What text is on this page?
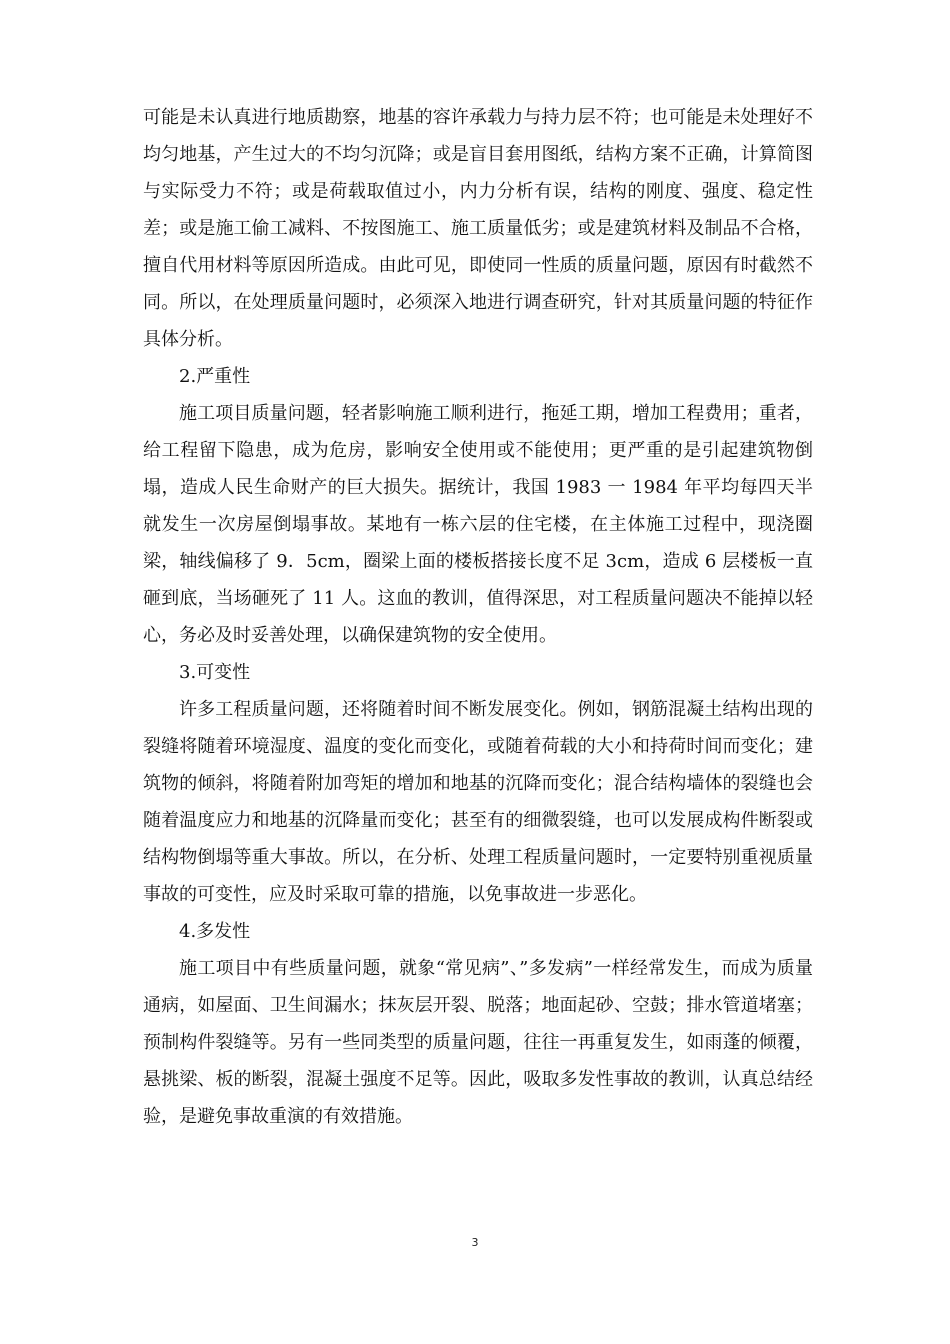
可能是未认真进行地质勘察，地基的容许承载力与持力层不符；也可能是未处理好不均匀地基，产生过大的不均匀沉降；或是盲目套用图纸，结构方案不正确，计算简图与实际受力不符；或是荷载取值过小，内力分析有误，结构的刚度、强度、稳定性差；或是施工偷工减料、不按图施工、施工质量低劣；或是建筑材料及制品不合格，擅自代用材料等原因所造成。由此可见，即使同一性质的质量问题，原因有时截然不同。所以，在处理质量问题时，必须深入地进行调查研究，针对其质量问题的特征作具体分析。

2.严重性

施工项目质量问题，轻者影响施工顺利进行，拖延工期，增加工程费用；重者，给工程留下隐患，成为危房，影响安全使用或不能使用；更严重的是引起建筑物倒塌，造成人民生命财产的巨大损失。据统计，我国 1983 一 1984 年平均每四天半就发生一次房屋倒塌事故。某地有一栋六层的住宅楼，在主体施工过程中，现浇圈梁，轴线偏移了 9．5cm，圈梁上面的楼板搭接长度不足 3cm，造成 6 层楼板一直砸到底，当场砸死了 11 人。这血的教训，值得深思，对工程质量问题决不能掉以轻心，务必及时妥善处理，以确保建筑物的安全使用。

3.可变性

许多工程质量问题，还将随着时间不断发展变化。例如，钢筋混凝土结构出现的裂缝将随着环境湿度、温度的变化而变化，或随着荷载的大小和持荷时间而变化；建筑物的倾斜，将随着附加弯矩的增加和地基的沉降而变化；混合结构墙体的裂缝也会随着温度应力和地基的沉降量而变化；甚至有的细微裂缝，也可以发展成构件断裂或结构物倒塌等重大事故。所以，在分析、处理工程质量问题时，一定要特别重视质量事故的可变性，应及时采取可靠的措施，以免事故进一步恶化。

4.多发性

施工项目中有些质量问题，就象“常见病”、”多发病”一样经常发生，而成为质量通病，如屋面、卫生间漏水；抹灰层开裂、脱落；地面起砂、空鼓；排水管道堵塞；预制构件裂缝等。另有一些同类型的质量问题，往往一再重复发生，如雨蓬的倾覆，悬挑梁、板的断裂，混凝土强度不足等。因此，吸取多发性事故的教训，认真总结经验，是避免事故重演的有效措施。

3
